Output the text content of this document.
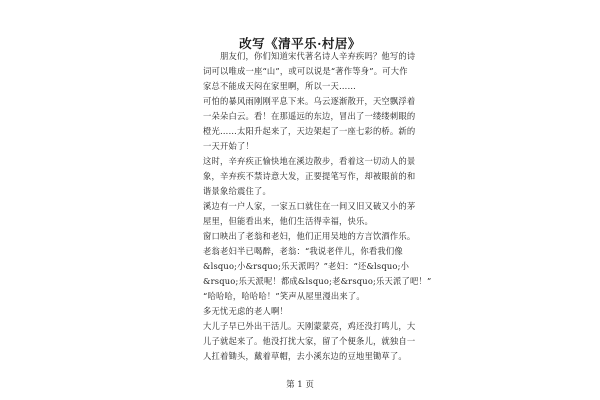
改写《清平乐·村居》
　　朋友们，你们知道宋代著名诗人辛弃疾吗？他写的诗
词可以唯成一座“山”，或可以说是“著作等身”。可大作
家总不能成天闷在家里啊，所以一天……
可怕的暴风雨刚刚平息下来。乌云逐渐散开，天空飘浮着
一朵朵白云。看！在那遥远的东边，冒出了一缕缕刺眼的
橙光……太阳升起来了，天边架起了一座七彩的桥。新的
一天开始了！
这时，辛弃疾正愉快地在溪边散步，看着这一切动人的景
象，辛弃疾不禁诗意大发，正要提笔写作，却被眼前的和
谐景象给震住了。
溪边有一户人家，一家五口就住在一间又旧又破又小的茅
屋里，但能看出来，他们生活得幸福，快乐。
窗口映出了老翁和老妇，他们正用吴地的方言饮酒作乐。
老翁老妇半已喝醉，老翁：“我说老伴儿，你看我们像
&lsquo;小&rsquo;乐天派吗？”老妇：“还&lsquo;小
&rsquo;乐天派呢！都成&lsquo;老&rsquo;乐天派了吧！”
“哈哈哈，哈哈哈！”笑声从屋里漫出来了。
多无忧无虑的老人啊！
大儿子早已外出干活儿。天刚蒙蒙亮，鸡还没打鸣儿，大
儿子就起来了。他没打扰大家，留了个便条儿，就独自一
人扛着锄头，戴着草帽，去小溪东边的豆地里锄草了。
第 1 页
